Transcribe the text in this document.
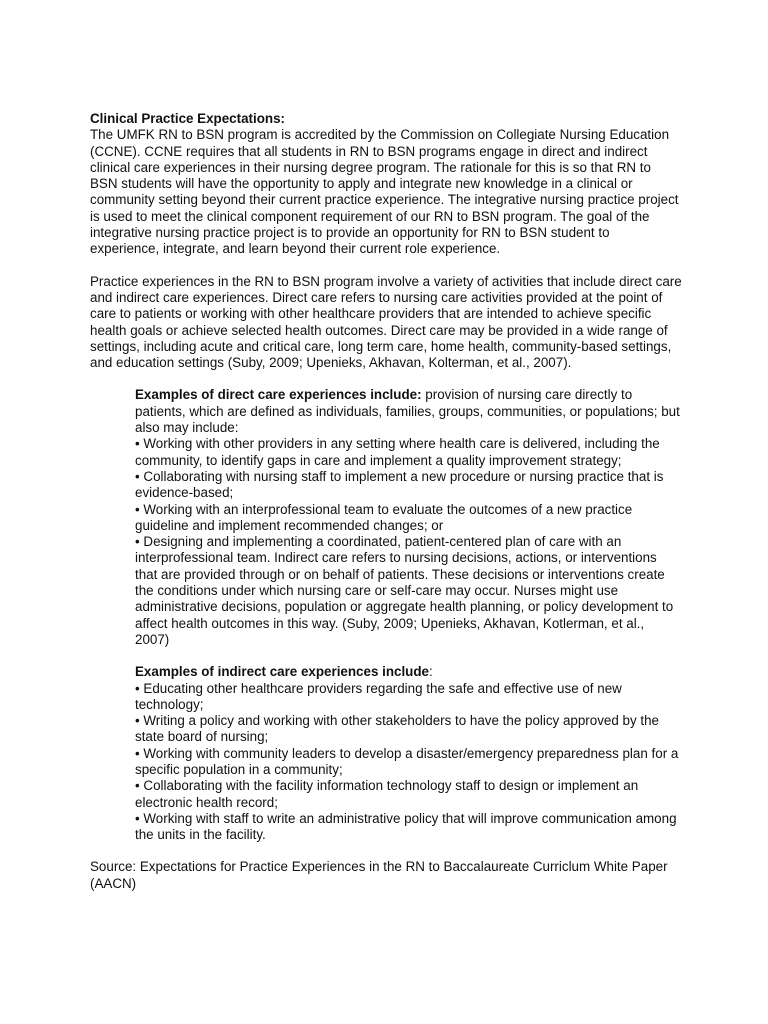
Clinical Practice Expectations:

The UMFK RN to BSN program is accredited by the Commission on Collegiate Nursing Education (CCNE). CCNE requires that all students in RN to BSN programs engage in direct and indirect clinical care experiences in their nursing degree program. The rationale for this is so that RN to BSN students will have the opportunity to apply and integrate new knowledge in a clinical or community setting beyond their current practice experience. The integrative nursing practice project is used to meet the clinical component requirement of our RN to BSN program. The goal of the integrative nursing practice project is to provide an opportunity for RN to BSN student to experience, integrate, and learn beyond their current role experience.

Practice experiences in the RN to BSN program involve a variety of activities that include direct care and indirect care experiences. Direct care refers to nursing care activities provided at the point of care to patients or working with other healthcare providers that are intended to achieve specific health goals or achieve selected health outcomes. Direct care may be provided in a wide range of settings, including acute and critical care, long term care, home health, community-based settings, and education settings (Suby, 2009; Upenieks, Akhavan, Kolterman, et al., 2007).

Examples of direct care experiences include: provision of nursing care directly to patients, which are defined as individuals, families, groups, communities, or populations; but also may include:

• Working with other providers in any setting where health care is delivered, including the community, to identify gaps in care and implement a quality improvement strategy;
• Collaborating with nursing staff to implement a new procedure or nursing practice that is evidence-based;
• Working with an interprofessional team to evaluate the outcomes of a new practice guideline and implement recommended changes; or
• Designing and implementing a coordinated, patient-centered plan of care with an interprofessional team. Indirect care refers to nursing decisions, actions, or interventions that are provided through or on behalf of patients. These decisions or interventions create the conditions under which nursing care or self-care may occur. Nurses might use administrative decisions, population or aggregate health planning, or policy development to affect health outcomes in this way. (Suby, 2009; Upenieks, Akhavan, Kotlerman, et al., 2007)

Examples of indirect care experiences include:

• Educating other healthcare providers regarding the safe and effective use of new technology;
• Writing a policy and working with other stakeholders to have the policy approved by the state board of nursing;
• Working with community leaders to develop a disaster/emergency preparedness plan for a specific population in a community;
• Collaborating with the facility information technology staff to design or implement an electronic health record;
• Working with staff to write an administrative policy that will improve communication among the units in the facility.

Source: Expectations for Practice Experiences in the RN to Baccalaureate Curriclum White Paper (AACN)
